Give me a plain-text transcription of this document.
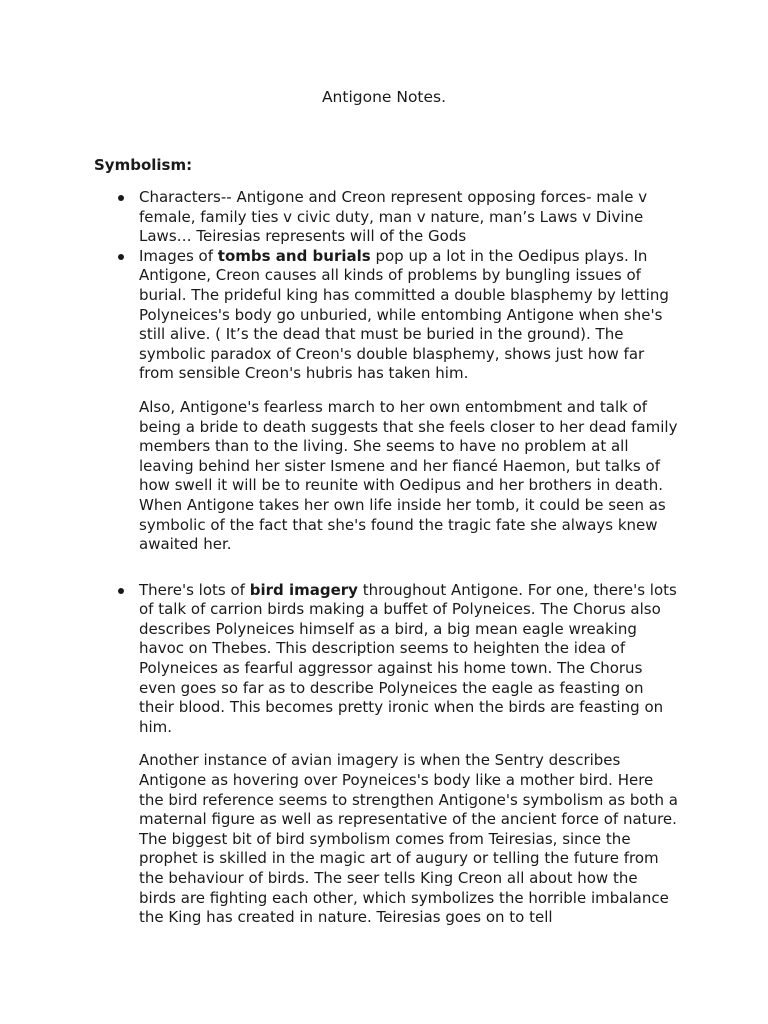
Antigone Notes.
Symbolism:

Characters-- Antigone and Creon represent opposing forces- male v female, family ties v civic duty, man v nature, man’s Laws v Divine Laws… Teiresias represents will of the Gods

Images of tombs and burials pop up a lot in the Oedipus plays. In Antigone, Creon causes all kinds of problems by bungling issues of burial. The prideful king has committed a double blasphemy by letting Polyneices's body go unburied, while entombing Antigone when she's still alive. ( It’s the dead that must be buried in the ground). The symbolic paradox of Creon's double blasphemy, shows just how far from sensible Creon's hubris has taken him.

Also, Antigone's fearless march to her own entombment and talk of being a bride to death suggests that she feels closer to her dead family members than to the living. She seems to have no problem at all leaving behind her sister Ismene and her fiancé Haemon, but talks of how swell it will be to reunite with Oedipus and her brothers in death. When Antigone takes her own life inside her tomb, it could be seen as symbolic of the fact that she's found the tragic fate she always knew awaited her.

There's lots of bird imagery throughout Antigone. For one, there's lots of talk of carrion birds making a buffet of Polyneices. The Chorus also describes Polyneices himself as a bird, a big mean eagle wreaking havoc on Thebes. This description seems to heighten the idea of Polyneices as fearful aggressor against his home town. The Chorus even goes so far as to describe Polyneices the eagle as feasting on their blood. This becomes pretty ironic when the birds are feasting on him.

Another instance of avian imagery is when the Sentry describes Antigone as hovering over Poyneices's body like a mother bird. Here the bird reference seems to strengthen Antigone's symbolism as both a maternal figure as well as representative of the ancient force of nature.

The biggest bit of bird symbolism comes from Teiresias, since the prophet is skilled in the magic art of augury or telling the future from the behaviour of birds. The seer tells King Creon all about how the birds are fighting each other, which symbolizes the horrible imbalance the King has created in nature. Teiresias goes on to tell
